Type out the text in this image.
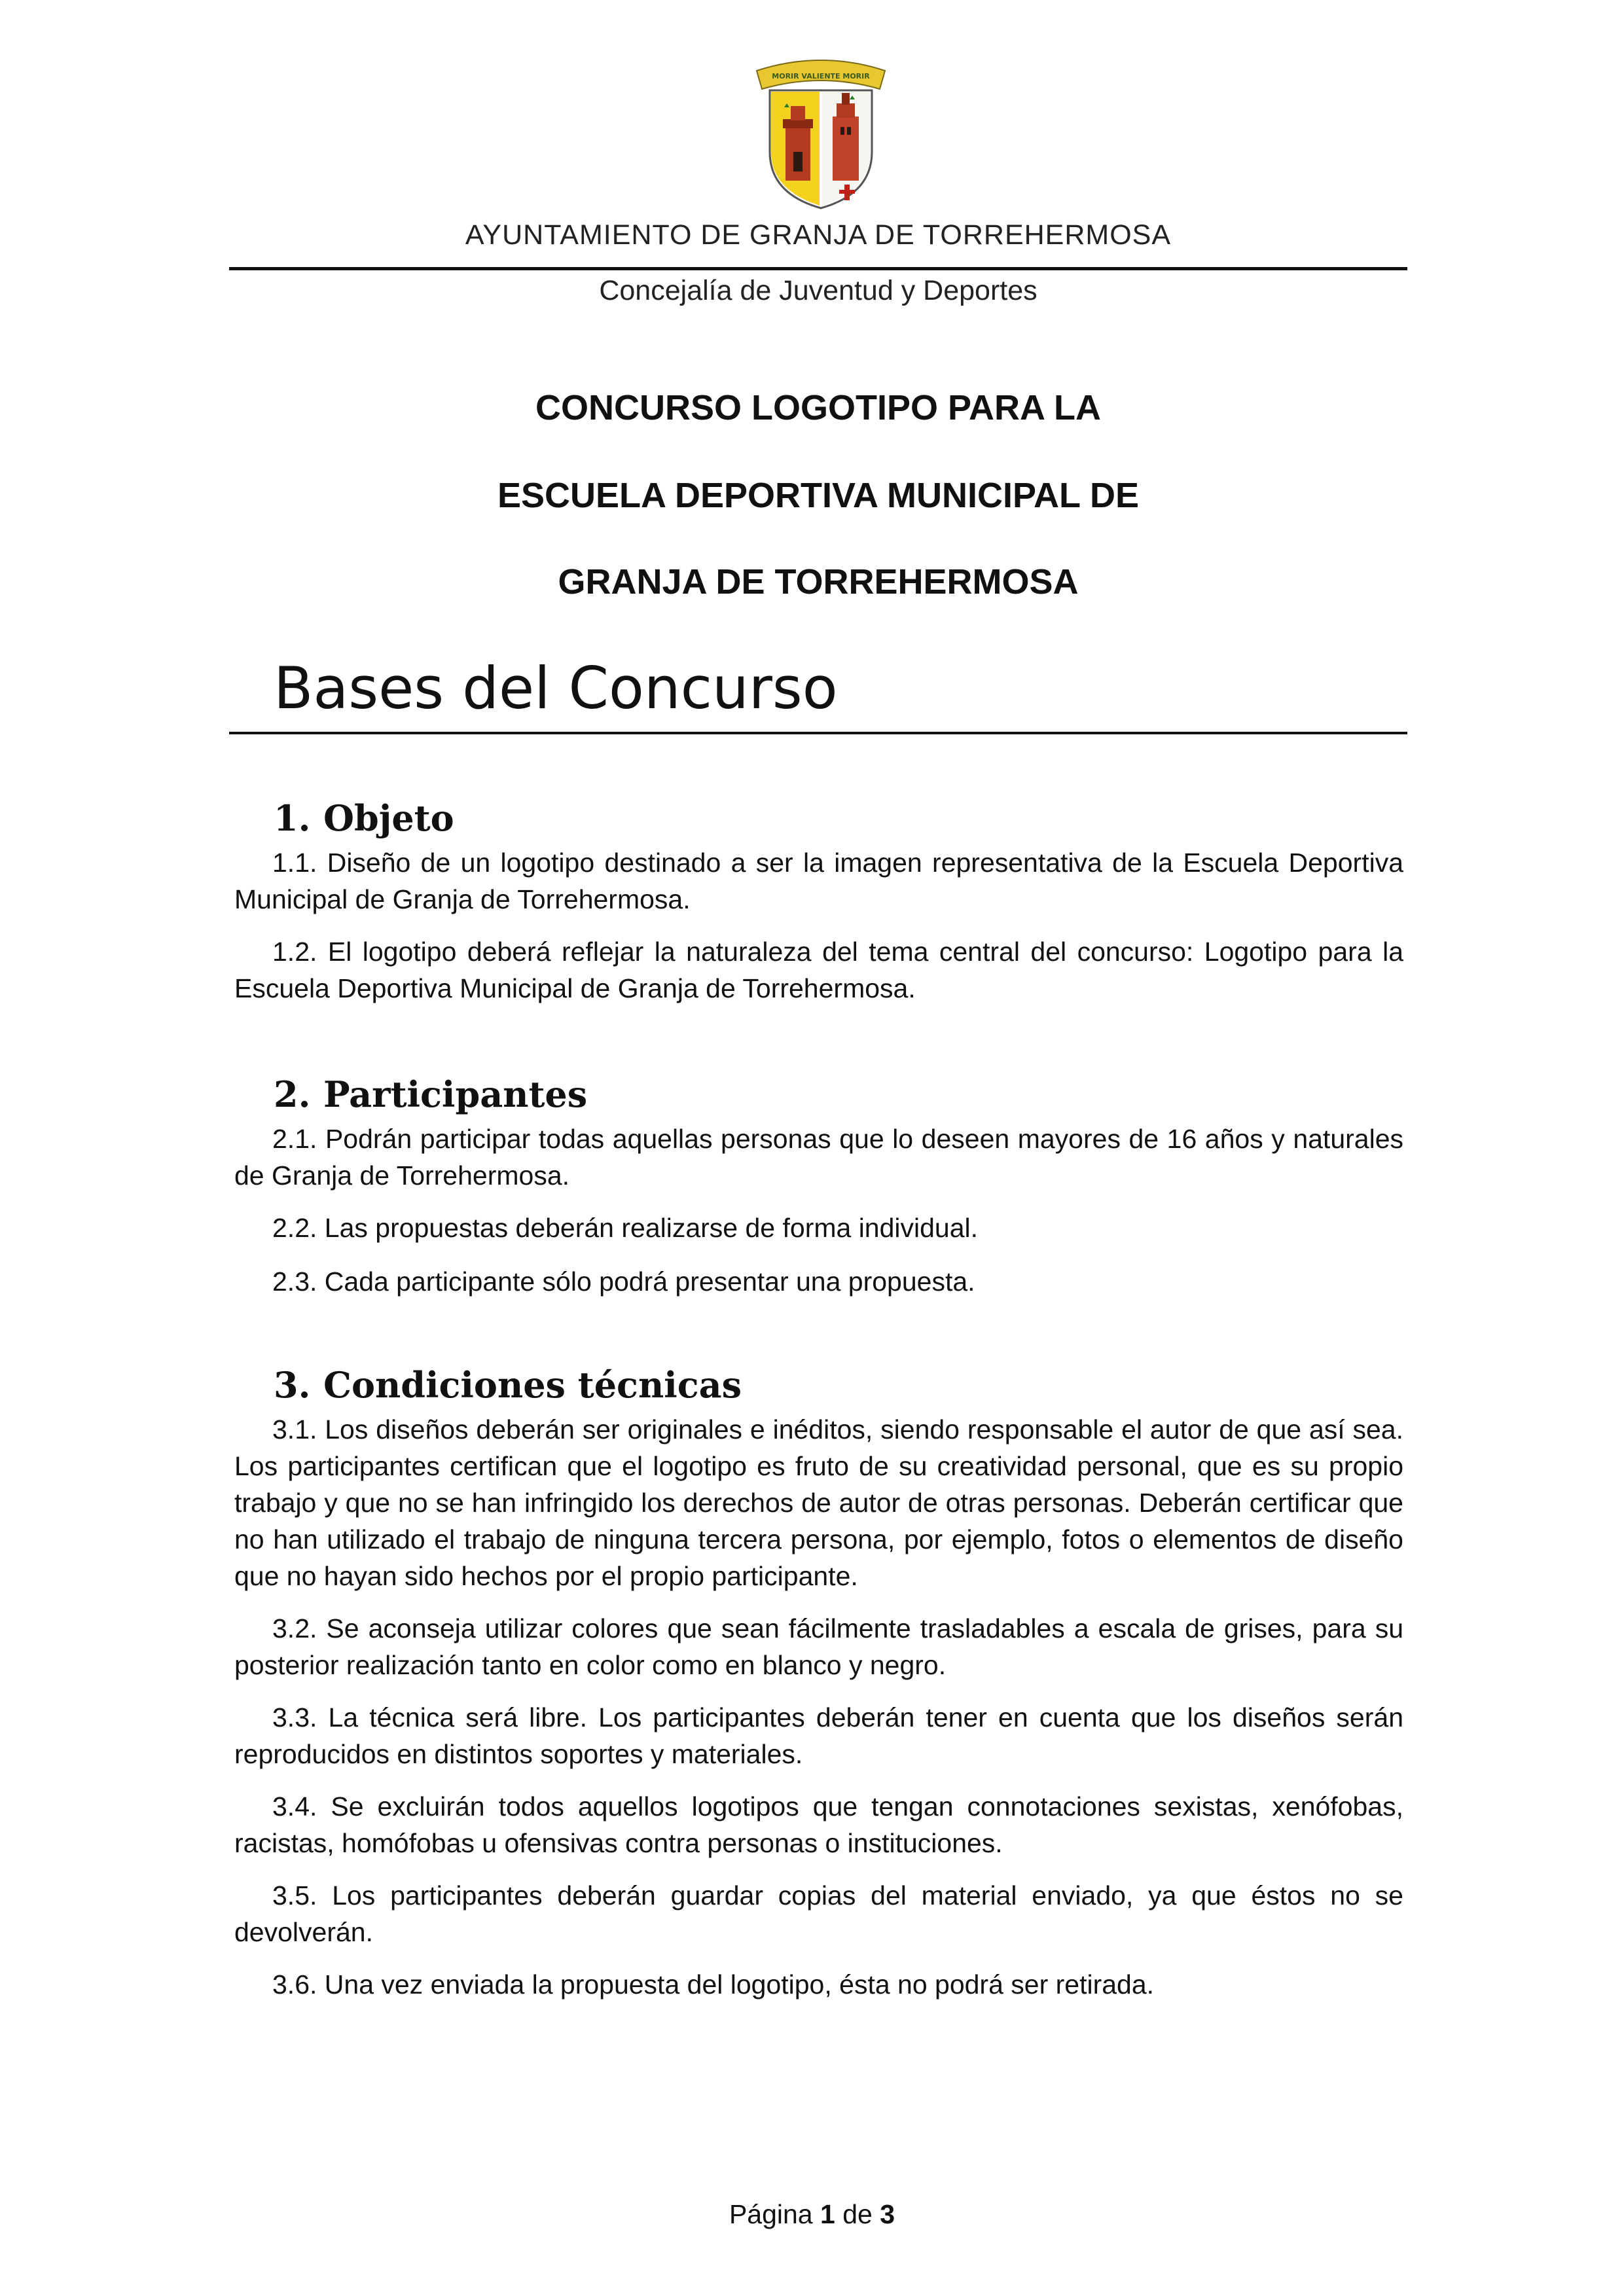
MORIR VALIENTE MORIR
AYUNTAMIENTO DE GRANJA DE TORREHERMOSA
Concejalía de Juventud y Deportes
CONCURSO LOGOTIPO PARA LA
ESCUELA DEPORTIVA MUNICIPAL DE
GRANJA DE TORREHERMOSA
Bases del Concurso
1. Objeto
1.1. Diseño de un logotipo destinado a ser la imagen representativa de la Escuela Deportiva Municipal de Granja de Torrehermosa.
1.2. El logotipo deberá reflejar la naturaleza del tema central del concurso: Logotipo para la Escuela Deportiva Municipal de Granja de Torrehermosa.
2. Participantes
2.1. Podrán participar todas aquellas personas que lo deseen mayores de 16 años y naturales de Granja de Torrehermosa.
2.2. Las propuestas deberán realizarse de forma individual.
2.3. Cada participante sólo podrá presentar una propuesta.
3. Condiciones técnicas
3.1. Los diseños deberán ser originales e inéditos, siendo responsable el autor de que así sea. Los participantes certifican que el logotipo es fruto de su creatividad personal, que es su propio trabajo y que no se han infringido los derechos de autor de otras personas. Deberán certificar que no han utilizado el trabajo de ninguna tercera persona, por ejemplo, fotos o elementos de diseño que no hayan sido hechos por el propio participante.
3.2. Se aconseja utilizar colores que sean fácilmente trasladables a escala de grises, para su posterior realización tanto en color como en blanco y negro.
3.3. La técnica será libre. Los participantes deberán tener en cuenta que los diseños serán reproducidos en distintos soportes y materiales.
3.4. Se excluirán todos aquellos logotipos que tengan connotaciones sexistas, xenófobas, racistas, homófobas u ofensivas contra personas o instituciones.
3.5. Los participantes deberán guardar copias del material enviado, ya que éstos no se devolverán.
3.6. Una vez enviada la propuesta del logotipo, ésta no podrá ser retirada.
Página 1 de 3
